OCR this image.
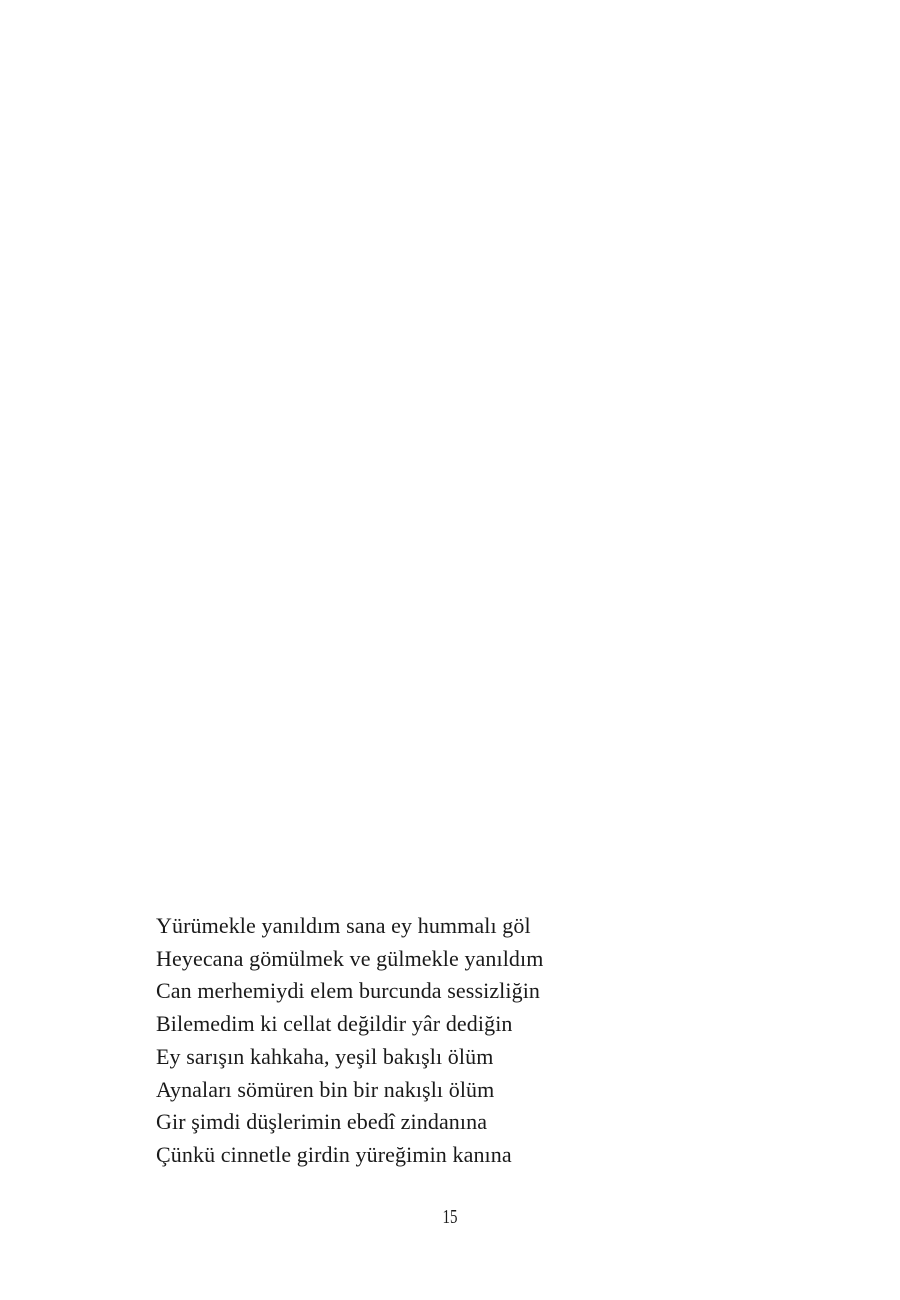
Yürümekle yanıldım sana ey hummalı göl
Heyecana gömülmek ve gülmekle yanıldım
Can merhemiydi elem burcunda sessizliğin
Bilemedim ki cellat değildir yâr dediğin
Ey sarışın kahkaha, yeşil bakışlı ölüm
Aynaları sömüren bin bir nakışlı ölüm
Gir şimdi düşlerimin ebedî zindanına
Çünkü cinnetle girdin yüreğimin kanına
15
